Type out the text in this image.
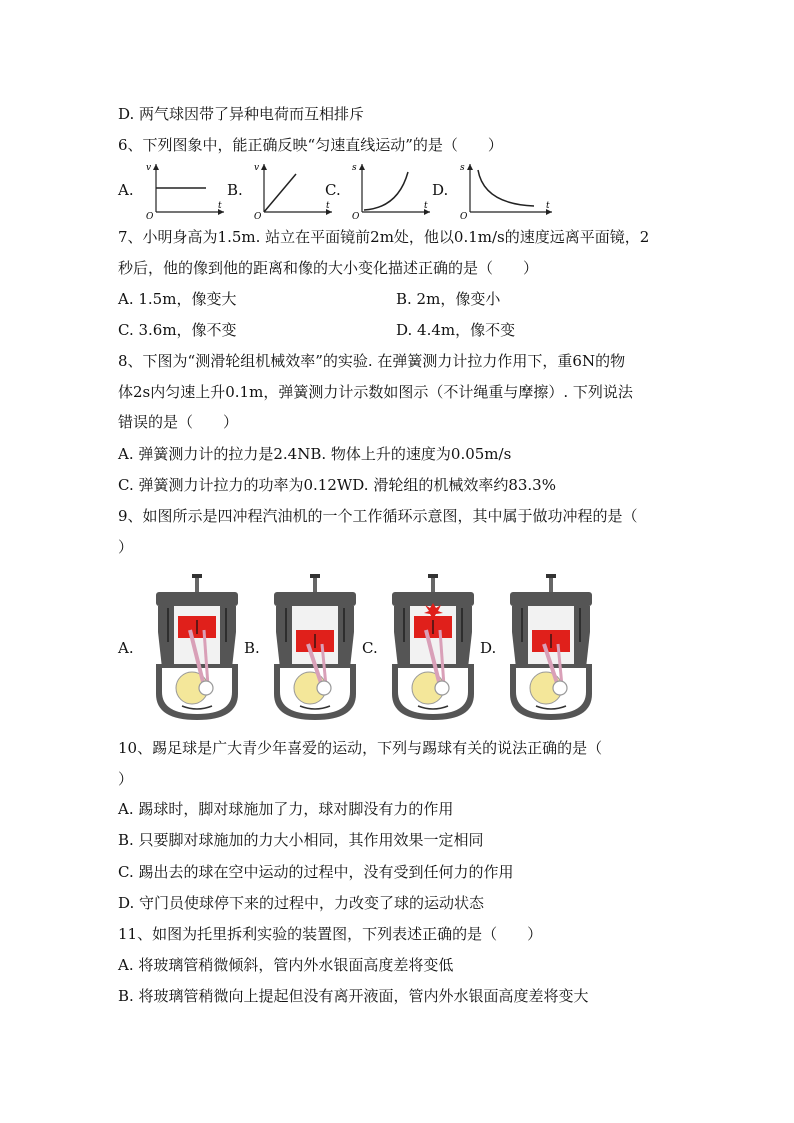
D. 两气球因带了异种电荷而互相排斥
6、下列图象中，能正确反映“匀速直线运动”的是（　　）
A.
v
t
O
B.
v
t
O
C.
s
t
O
D.
s
t
O
7、小明身高为1.5m. 站立在平面镜前2m处，他以0.1m/s的速度远离平面镜，2
秒后，他的像到他的距离和像的大小变化描述正确的是（　　）
A. 1.5m，像变大	B. 2m，像变小
C. 3.6m，像不变	D. 4.4m，像不变
8、下图为“测滑轮组机械效率”的实验. 在弹簧测力计拉力作用下，重6N的物
体2s内匀速上升0.1m，弹簧测力计示数如图示（不计绳重与摩擦）. 下列说法
错误的是（　　）
A. 弹簧测力计的拉力是2.4NB. 物体上升的速度为0.05m/s
C. 弹簧测力计拉力的功率为0.12WD. 滑轮组的机械效率约83.3%
9、如图所示是四冲程汽油机的一个工作循环示意图，其中属于做功冲程的是（
）
A.	B.	C.	D.
10、踢足球是广大青少年喜爱的运动，下列与踢球有关的说法正确的是（
）
A. 踢球时，脚对球施加了力，球对脚没有力的作用
B. 只要脚对球施加的力大小相同，其作用效果一定相同
C. 踢出去的球在空中运动的过程中，没有受到任何力的作用
D. 守门员使球停下来的过程中，力改变了球的运动状态
11、如图为托里拆利实验的装置图，下列表述正确的是（　　）
A. 将玻璃管稍微倾斜，管内外水银面高度差将变低
B. 将玻璃管稍微向上提起但没有离开液面，管内外水银面高度差将变大
